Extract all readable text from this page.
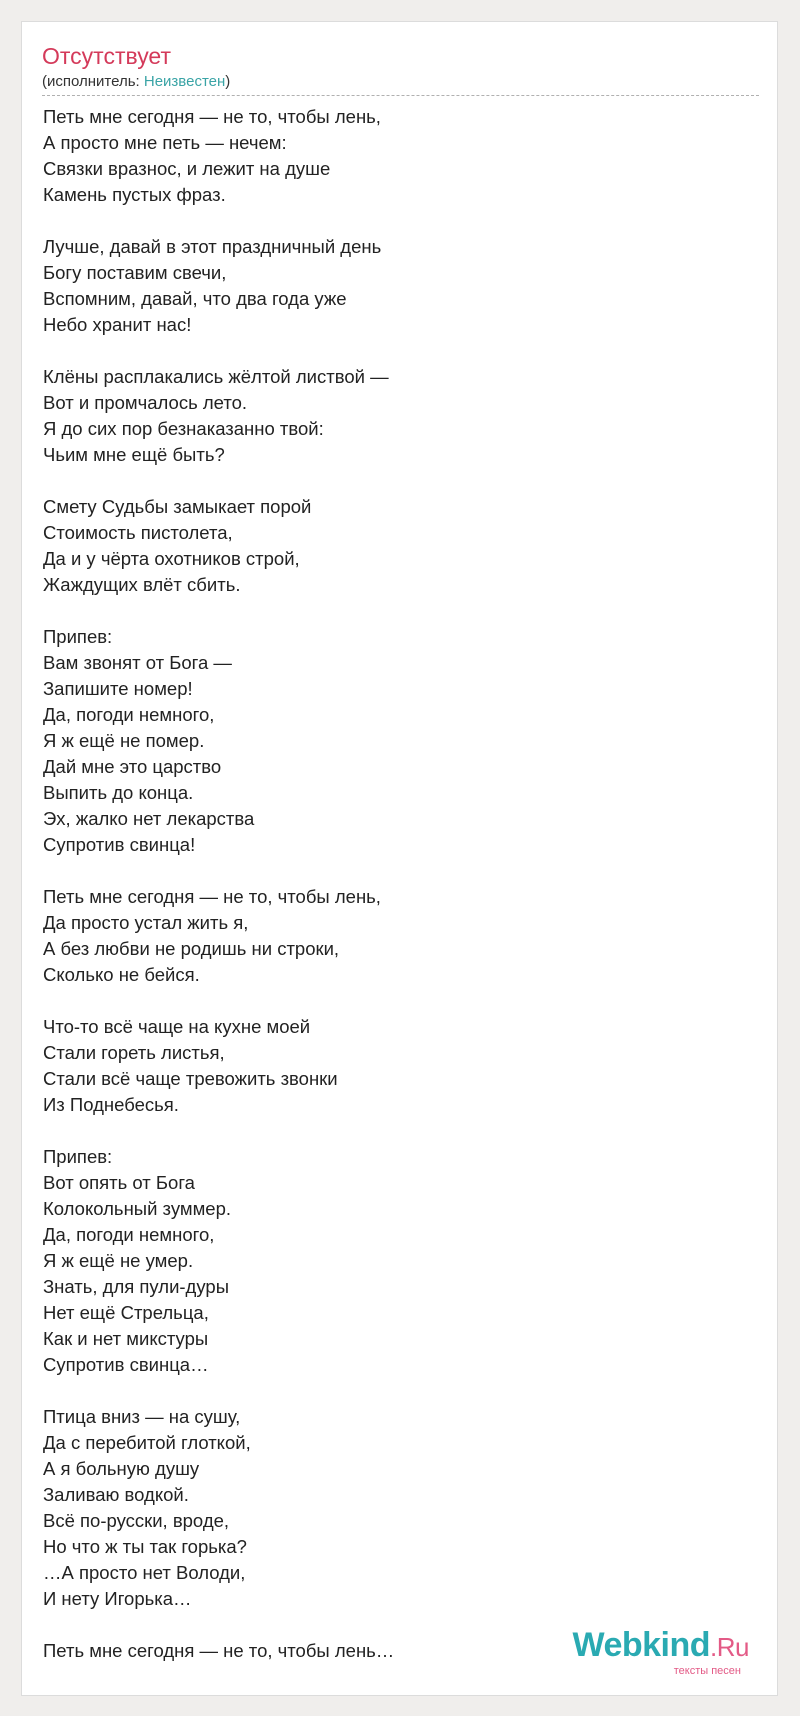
Отсутствует
(исполнитель: Неизвестен)
Петь мне сегодня — не то, чтобы лень,
А просто мне петь — нечем:
Связки вразнос, и лежит на душе
Камень пустых фраз.
Лучше, давай в этот праздничный день
Богу поставим свечи,
Вспомним, давай, что два года уже
Небо хранит нас!
Клёны расплакались жёлтой листвой —
Вот и промчалось лето.
Я до сих пор безнаказанно твой:
Чьим мне ещё быть?
Смету Судьбы замыкает порой
Стоимость пистолета,
Да и у чёрта охотников строй,
Жаждущих влёт сбить.
Припев:
Вам звонят от Бога —
Запишите номер!
Да, погоди немного,
Я ж ещё не помер.
Дай мне это царство
Выпить до конца.
Эх, жалко нет лекарства
Супротив свинца!
Петь мне сегодня — не то, чтобы лень,
Да просто устал жить я,
А без любви не родишь ни строки,
Сколько не бейся.
Что-то всё чаще на кухне моей
Стали гореть листья,
Стали всё чаще тревожить звонки
Из Поднебесья.
Припев:
Вот опять от Бога
Колокольный зуммер.
Да, погоди немного,
Я ж ещё не умер.
Знать, для пули-дуры
Нет ещё Стрельца,
Как и нет микстуры
Супротив свинца…
Птица вниз — на сушу,
Да с перебитой глоткой,
А я больную душу
Заливаю водкой.
Всё по-русски, вроде,
Но что ж ты так горька?
…А просто нет Володи,
И нету Игорька…
Петь мне сегодня — не то, чтобы лень…	Webkind.Ru
тексты песен
